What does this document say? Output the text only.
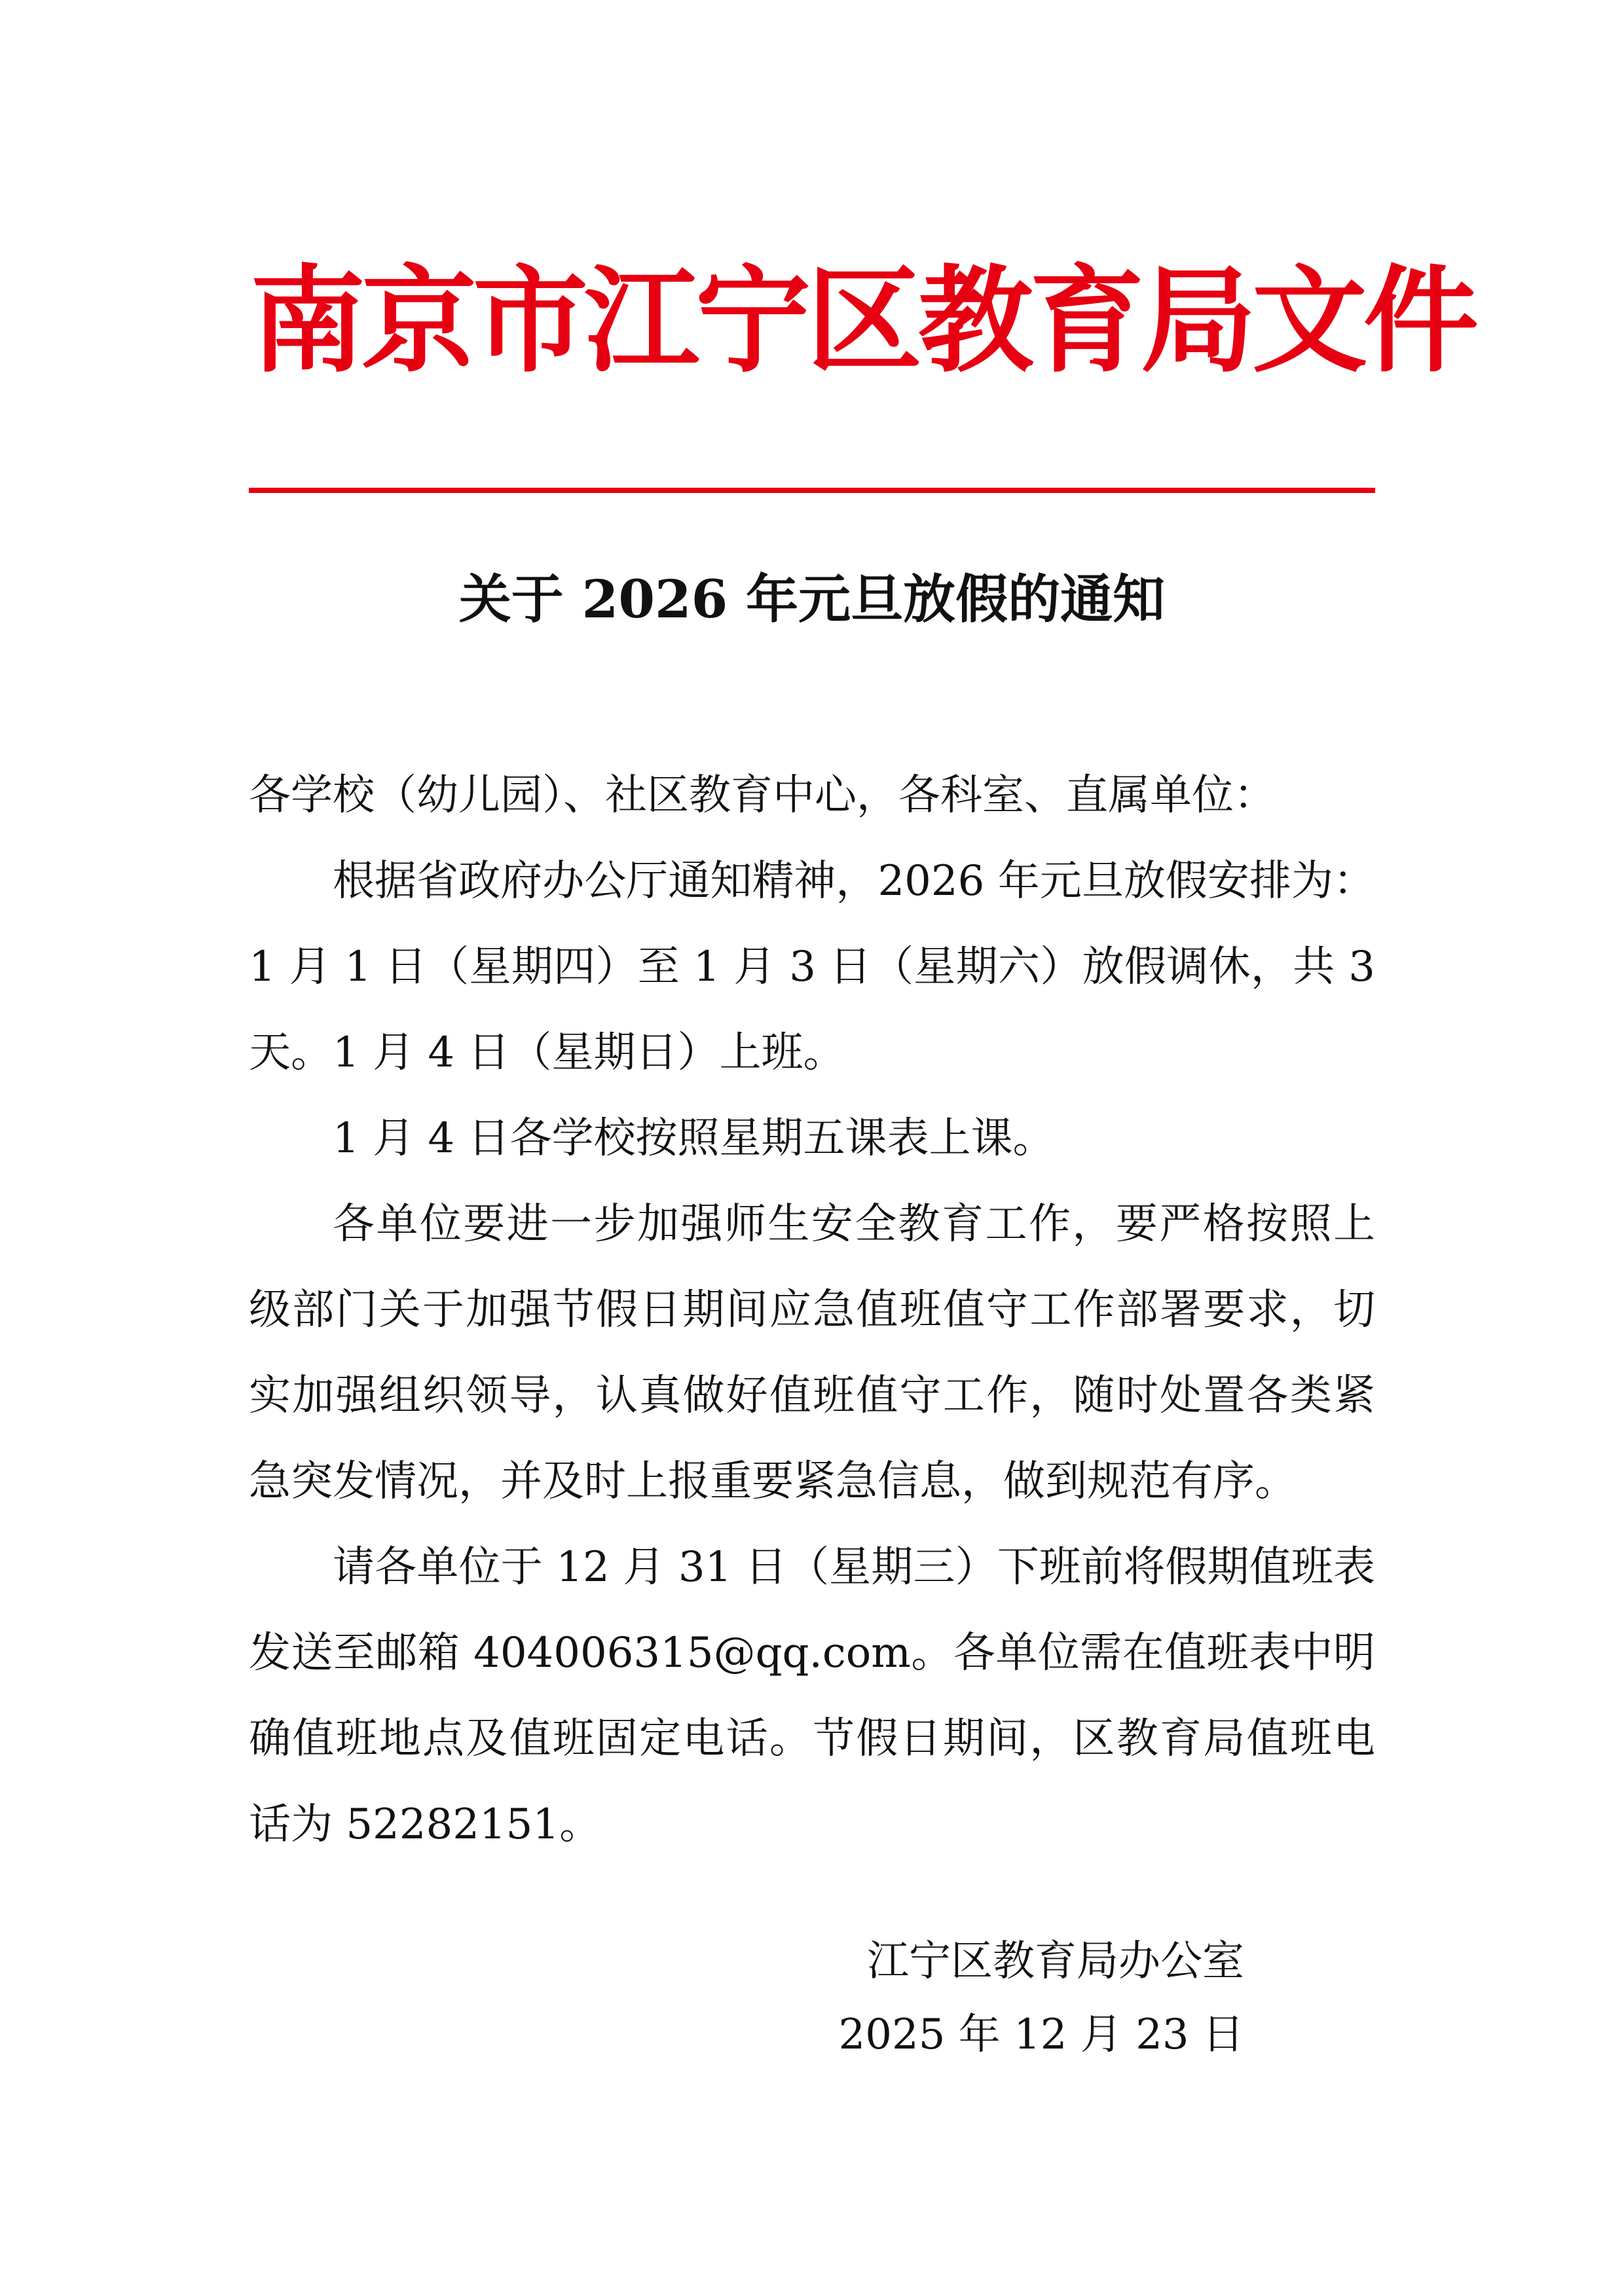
南京市江宁区教育局文件
关于 2026 年元旦放假的通知

各学校（幼儿园）、社区教育中心，各科室、直属单位：

根据省政府办公厅通知精神，2026 年元旦放假安排为：1 月 1 日（星期四）至 1 月 3 日（星期六）放假调休，共 3 天。1 月 4 日（星期日）上班。

1 月 4 日各学校按照星期五课表上课。

各单位要进一步加强师生安全教育工作，要严格按照上级部门关于加强节假日期间应急值班值守工作部署要求，切实加强组织领导，认真做好值班值守工作，随时处置各类紧急突发情况，并及时上报重要紧急信息，做到规范有序。

请各单位于 12 月 31 日（星期三）下班前将假期值班表发送至邮箱 404006315@qq.com。各单位需在值班表中明确值班地点及值班固定电话。节假日期间，区教育局值班电话为 52282151。

江宁区教育局办公室
2025 年 12 月 23 日
